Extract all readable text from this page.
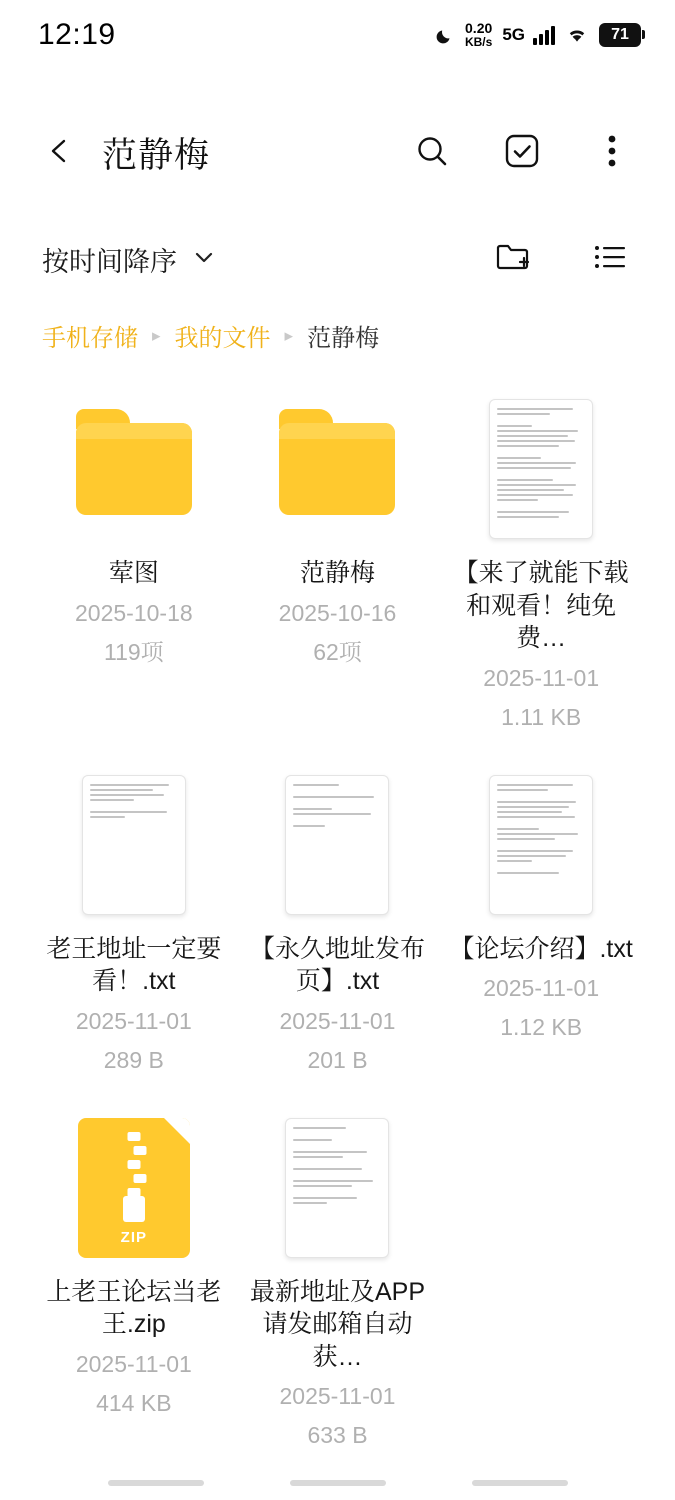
12:19	0.20
KB/s 5G	71
范静梅
按时间降序
手机存储 ▸ 我的文件 ▸ 范静梅
荤图
2025-10-18
119项
范静梅
2025-10-16
62项
【来了就能下载和观看！纯免费…
2025-11-01
1.11 KB
老王地址一定要看！.txt
2025-11-01
289 B
【永久地址发布页】.txt
2025-11-01
201 B
【论坛介绍】.txt
2025-11-01
1.12 KB
ZIP
上老王论坛当老王.zip
2025-11-01
414 KB
最新地址及APP请发邮箱自动获…
2025-11-01
633 B
